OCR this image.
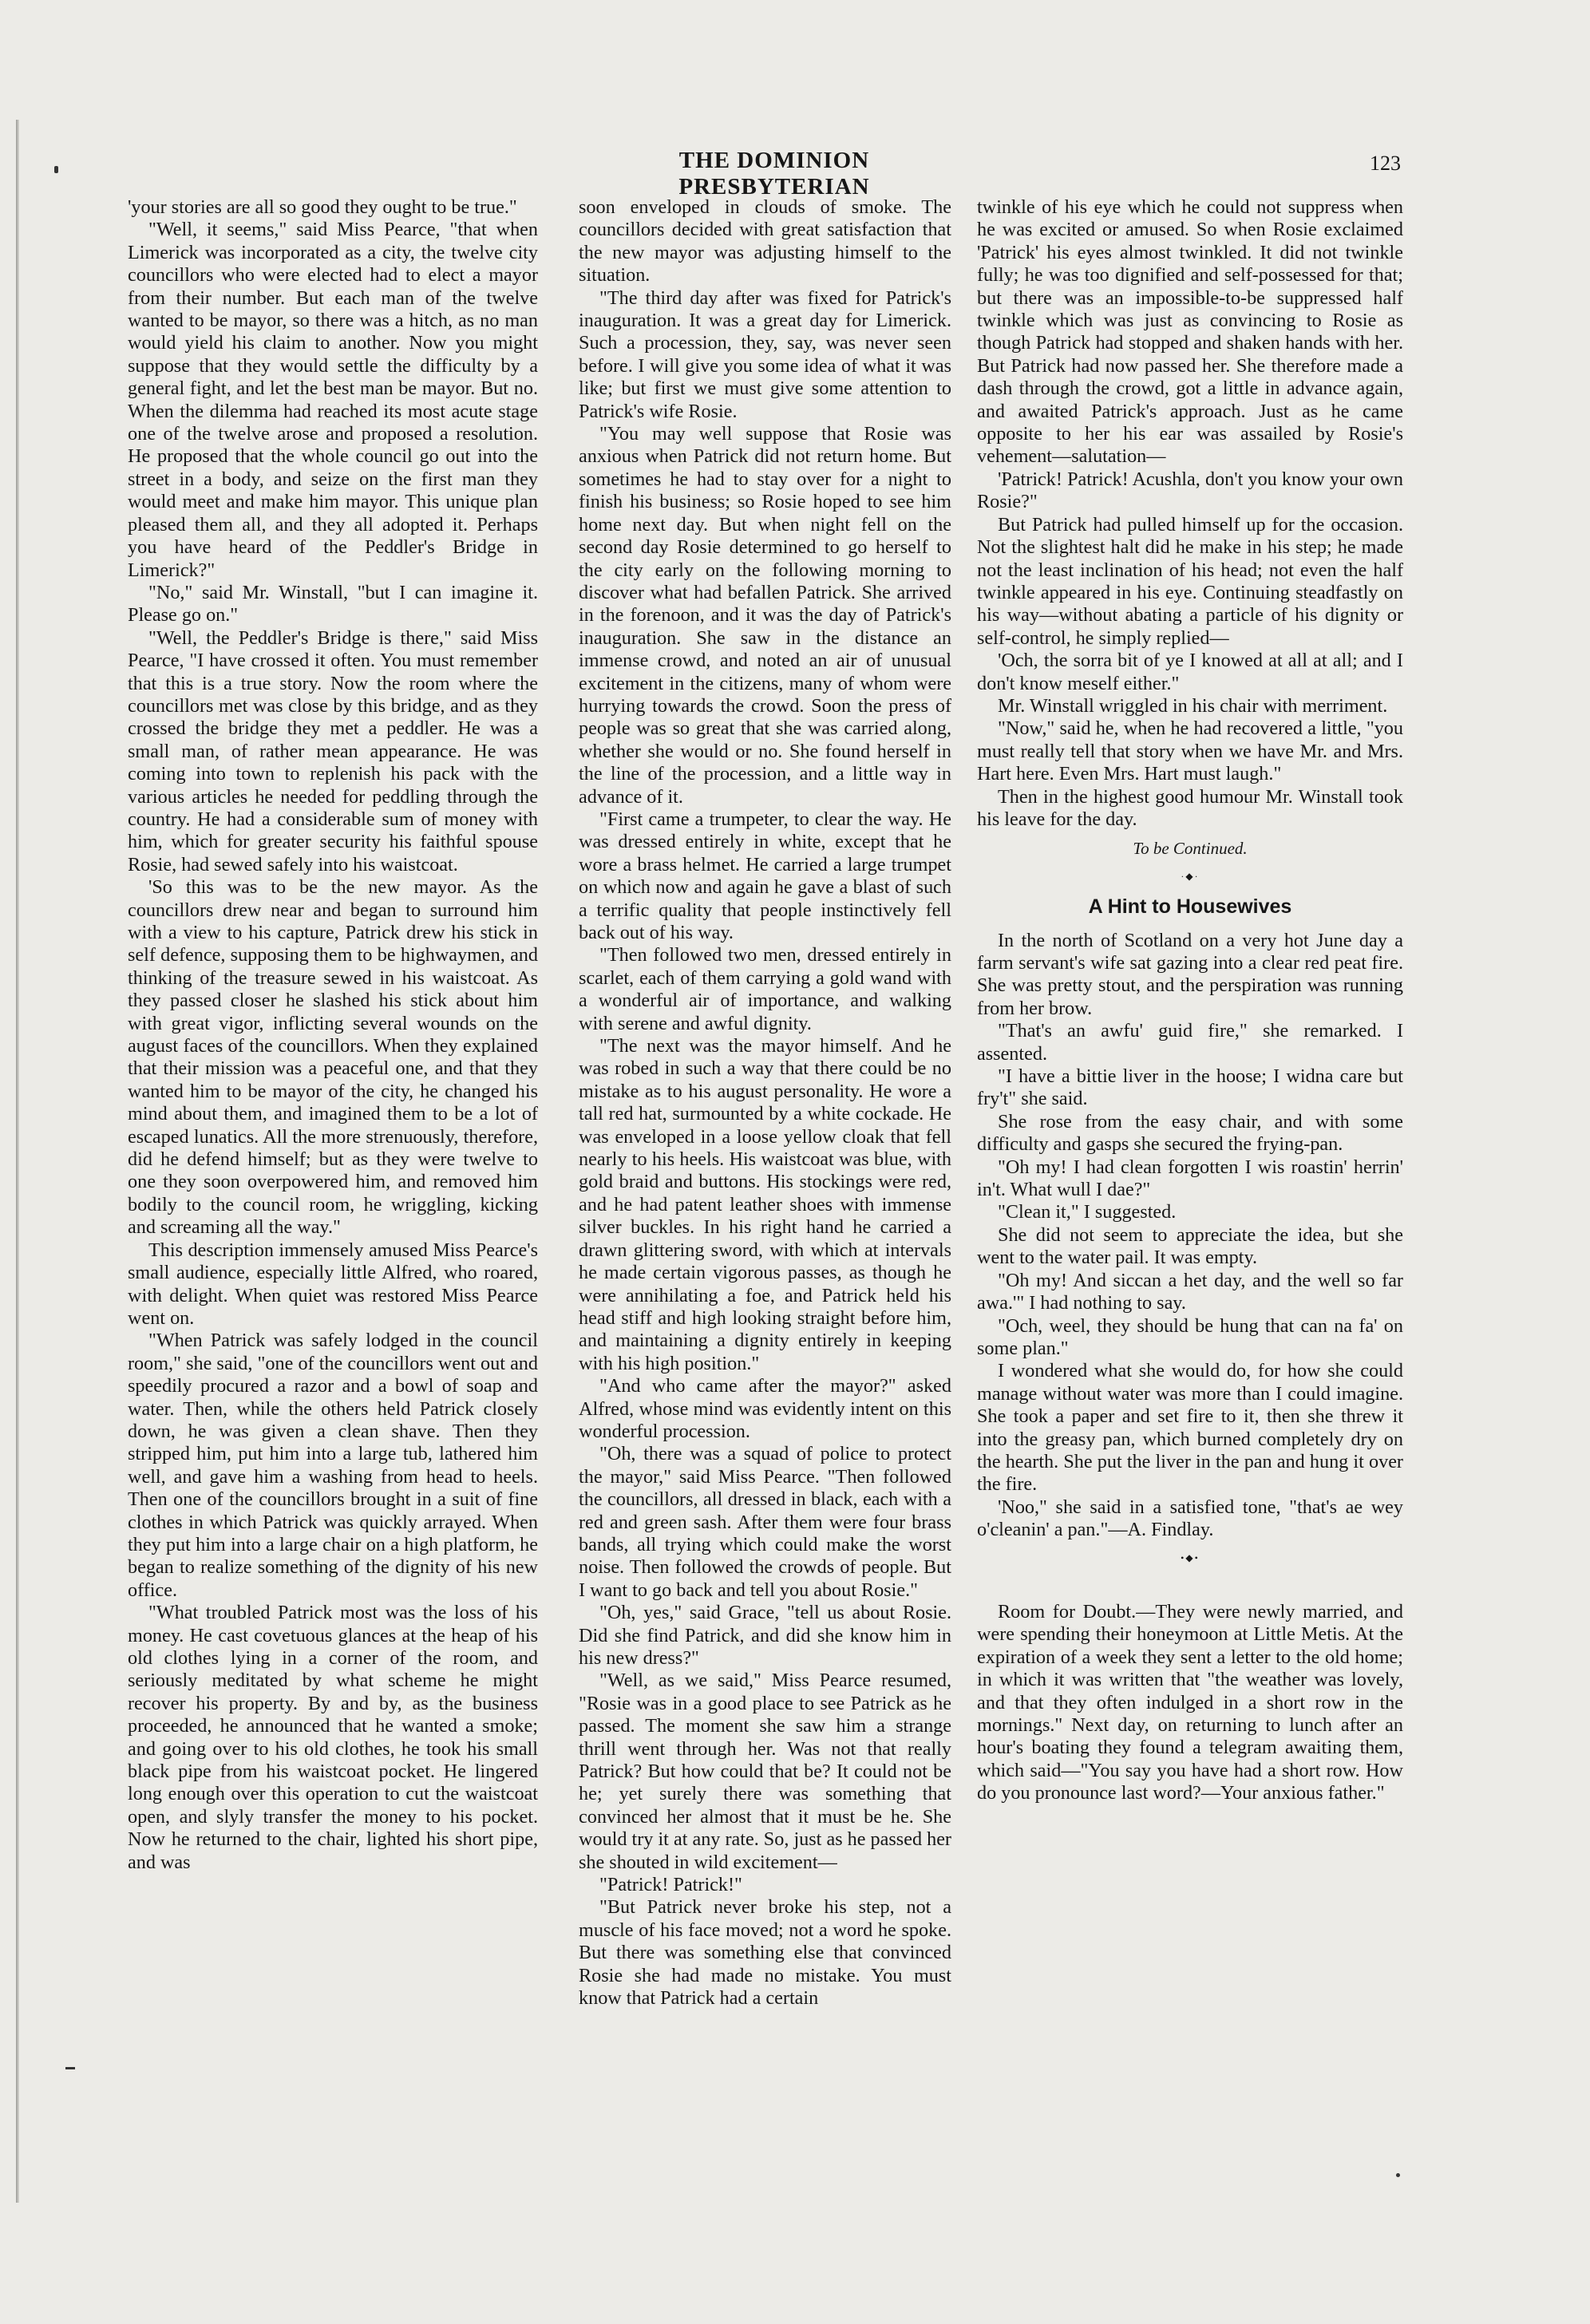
THE DOMINION PRESBYTERIAN
123

'your stories are all so good they ought to be true."

"Well, it seems," said Miss Pearce, "that when Limerick was incorporated as a city, the twelve city councillors who were elected had to elect a mayor from their number. But each man of the twelve wanted to be mayor, so there was a hitch, as no man would yield his claim to another. Now you might suppose that they would settle the difficulty by a general fight, and let the best man be mayor. But no. When the dilemma had reached its most acute stage one of the twelve arose and proposed a resolution. He proposed that the whole council go out into the street in a body, and seize on the first man they would meet and make him mayor. This unique plan pleased them all, and they all adopted it. Perhaps you have heard of the Peddler's Bridge in Limerick?"

"No," said Mr. Winstall, "but I can imagine it. Please go on."

"Well, the Peddler's Bridge is there," said Miss Pearce, "I have crossed it often. You must remember that this is a true story. Now the room where the councillors met was close by this bridge, and as they crossed the bridge they met a peddler. He was a small man, of rather mean appearance. He was coming into town to replenish his pack with the various articles he needed for peddling through the country. He had a considerable sum of money with him, which for greater security his faithful spouse Rosie, had sewed safely into his waistcoat.

'So this was to be the new mayor. As the councillors drew near and began to surround him with a view to his capture, Patrick drew his stick in self defence, supposing them to be highwaymen, and thinking of the treasure sewed in his waistcoat. As they passed closer he slashed his stick about him with great vigor, inflicting several wounds on the august faces of the councillors. When they explained that their mission was a peaceful one, and that they wanted him to be mayor of the city, he changed his mind about them, and imagined them to be a lot of escaped lunatics. All the more strenuously, therefore, did he defend himself; but as they were twelve to one they soon overpowered him, and removed him bodily to the council room, he wriggling, kicking and screaming all the way."

This description immensely amused Miss Pearce's small audience, especially little Alfred, who roared, with delight. When quiet was restored Miss Pearce went on.

"When Patrick was safely lodged in the council room," she said, "one of the councillors went out and speedily procured a razor and a bowl of soap and water. Then, while the others held Patrick closely down, he was given a clean shave. Then they stripped him, put him into a large tub, lathered him well, and gave him a washing from head to heels. Then one of the councillors brought in a suit of fine clothes in which Patrick was quickly arrayed. When they put him into a large chair on a high platform, he began to realize something of the dignity of his new office.

"What troubled Patrick most was the loss of his money. He cast covetuous glances at the heap of his old clothes lying in a corner of the room, and seriously meditated by what scheme he might recover his property. By and by, as the business proceeded, he announced that he wanted a smoke; and going over to his old clothes, he took his small black pipe from his waistcoat pocket. He lingered long enough over this operation to cut the waistcoat open, and slyly transfer the money to his pocket. Now he returned to the chair, lighted his short pipe, and was

soon enveloped in clouds of smoke. The councillors decided with great satisfaction that the new mayor was adjusting himself to the situation.

"The third day after was fixed for Patrick's inauguration. It was a great day for Limerick. Such a procession, they, say, was never seen before. I will give you some idea of what it was like; but first we must give some attention to Patrick's wife Rosie.

"You may well suppose that Rosie was anxious when Patrick did not return home. But sometimes he had to stay over for a night to finish his business; so Rosie hoped to see him home next day. But when night fell on the second day Rosie determined to go herself to the city early on the following morning to discover what had befallen Patrick. She arrived in the forenoon, and it was the day of Patrick's inauguration. She saw in the distance an immense crowd, and noted an air of unusual excitement in the citizens, many of whom were hurrying towards the crowd. Soon the press of people was so great that she was carried along, whether she would or no. She found herself in the line of the procession, and a little way in advance of it.

"First came a trumpeter, to clear the way. He was dressed entirely in white, except that he wore a brass helmet. He carried a large trumpet on which now and again he gave a blast of such a terrific quality that people instinctively fell back out of his way.

"Then followed two men, dressed entirely in scarlet, each of them carrying a gold wand with a wonderful air of importance, and walking with serene and awful dignity.

"The next was the mayor himself. And he was robed in such a way that there could be no mistake as to his august personality. He wore a tall red hat, surmounted by a white cockade. He was enveloped in a loose yellow cloak that fell nearly to his heels. His waistcoat was blue, with gold braid and buttons. His stockings were red, and he had patent leather shoes with immense silver buckles. In his right hand he carried a drawn glittering sword, with which at intervals he made certain vigorous passes, as though he were annihilating a foe, and Patrick held his head stiff and high looking straight before him, and maintaining a dignity entirely in keeping with his high position."

"And who came after the mayor?" asked Alfred, whose mind was evidently intent on this wonderful procession.

"Oh, there was a squad of police to protect the mayor," said Miss Pearce. "Then followed the councillors, all dressed in black, each with a red and green sash. After them were four brass bands, all trying which could make the worst noise. Then followed the crowds of people. But I want to go back and tell you about Rosie."

"Oh, yes," said Grace, "tell us about Rosie. Did she find Patrick, and did she know him in his new dress?"

"Well, as we said," Miss Pearce resumed, "Rosie was in a good place to see Patrick as he passed. The moment she saw him a strange thrill went through her. Was not that really Patrick? But how could that be? It could not be he; yet surely there was something that convinced her almost that it must be he. She would try it at any rate. So, just as he passed her she shouted in wild excitement—

"Patrick! Patrick!"

"But Patrick never broke his step, not a muscle of his face moved; not a word he spoke. But there was something else that convinced Rosie she had made no mistake. You must know that Patrick had a certain

twinkle of his eye which he could not suppress when he was excited or amused. So when Rosie exclaimed 'Patrick' his eyes almost twinkled. It did not twinkle fully; he was too dignified and self-possessed for that; but there was an impossible-to-be suppressed half twinkle which was just as convincing to Rosie as though Patrick had stopped and shaken hands with her. But Patrick had now passed her. She therefore made a dash through the crowd, got a little in advance again, and awaited Patrick's approach. Just as he came opposite to her his ear was assailed by Rosie's vehement—salutation—

'Patrick! Patrick! Acushla, don't you know your own Rosie?"

But Patrick had pulled himself up for the occasion. Not the slightest halt did he make in his step; he made not the least inclination of his head; not even the half twinkle appeared in his eye. Continuing steadfastly on his way—without abating a particle of his dignity or self-control, he simply replied—

'Och, the sorra bit of ye I knowed at all at all; and I don't know meself either."

Mr. Winstall wriggled in his chair with merriment.

"Now," said he, when he had recovered a little, "you must really tell that story when we have Mr. and Mrs. Hart here. Even Mrs. Hart must laugh."

Then in the highest good humour Mr. Winstall took his leave for the day.

To be Continued.
·◆·
A Hint to Housewives

In the north of Scotland on a very hot June day a farm servant's wife sat gazing into a clear red peat fire. She was pretty stout, and the perspiration was running from her brow.

"That's an awfu' guid fire," she remarked. I assented.

"I have a bittie liver in the hoose; I widna care but fry't" she said.

She rose from the easy chair, and with some difficulty and gasps she secured the frying-pan.

"Oh my! I had clean forgotten I wis roastin' herrin' in't. What wull I dae?"

"Clean it," I suggested.

She did not seem to appreciate the idea, but she went to the water pail. It was empty.

"Oh my! And siccan a het day, and the well so far awa.'" I had nothing to say.

"Och, weel, they should be hung that can na fa' on some plan."

I wondered what she would do, for how she could manage without water was more than I could imagine. She took a paper and set fire to it, then she threw it into the greasy pan, which burned completely dry on the hearth. She put the liver in the pan and hung it over the fire.

'Noo," she said in a satisfied tone, "that's ae wey o'cleanin' a pan."—A. Findlay.

•◆•

Room for Doubt.—They were newly married, and were spending their honeymoon at Little Metis. At the expiration of a week they sent a letter to the old home; in which it was written that "the weather was lovely, and that they often indulged in a short row in the mornings." Next day, on returning to lunch after an hour's boating they found a telegram awaiting them, which said—"You say you have had a short row. How do you pronounce last word?—Your anxious father."
